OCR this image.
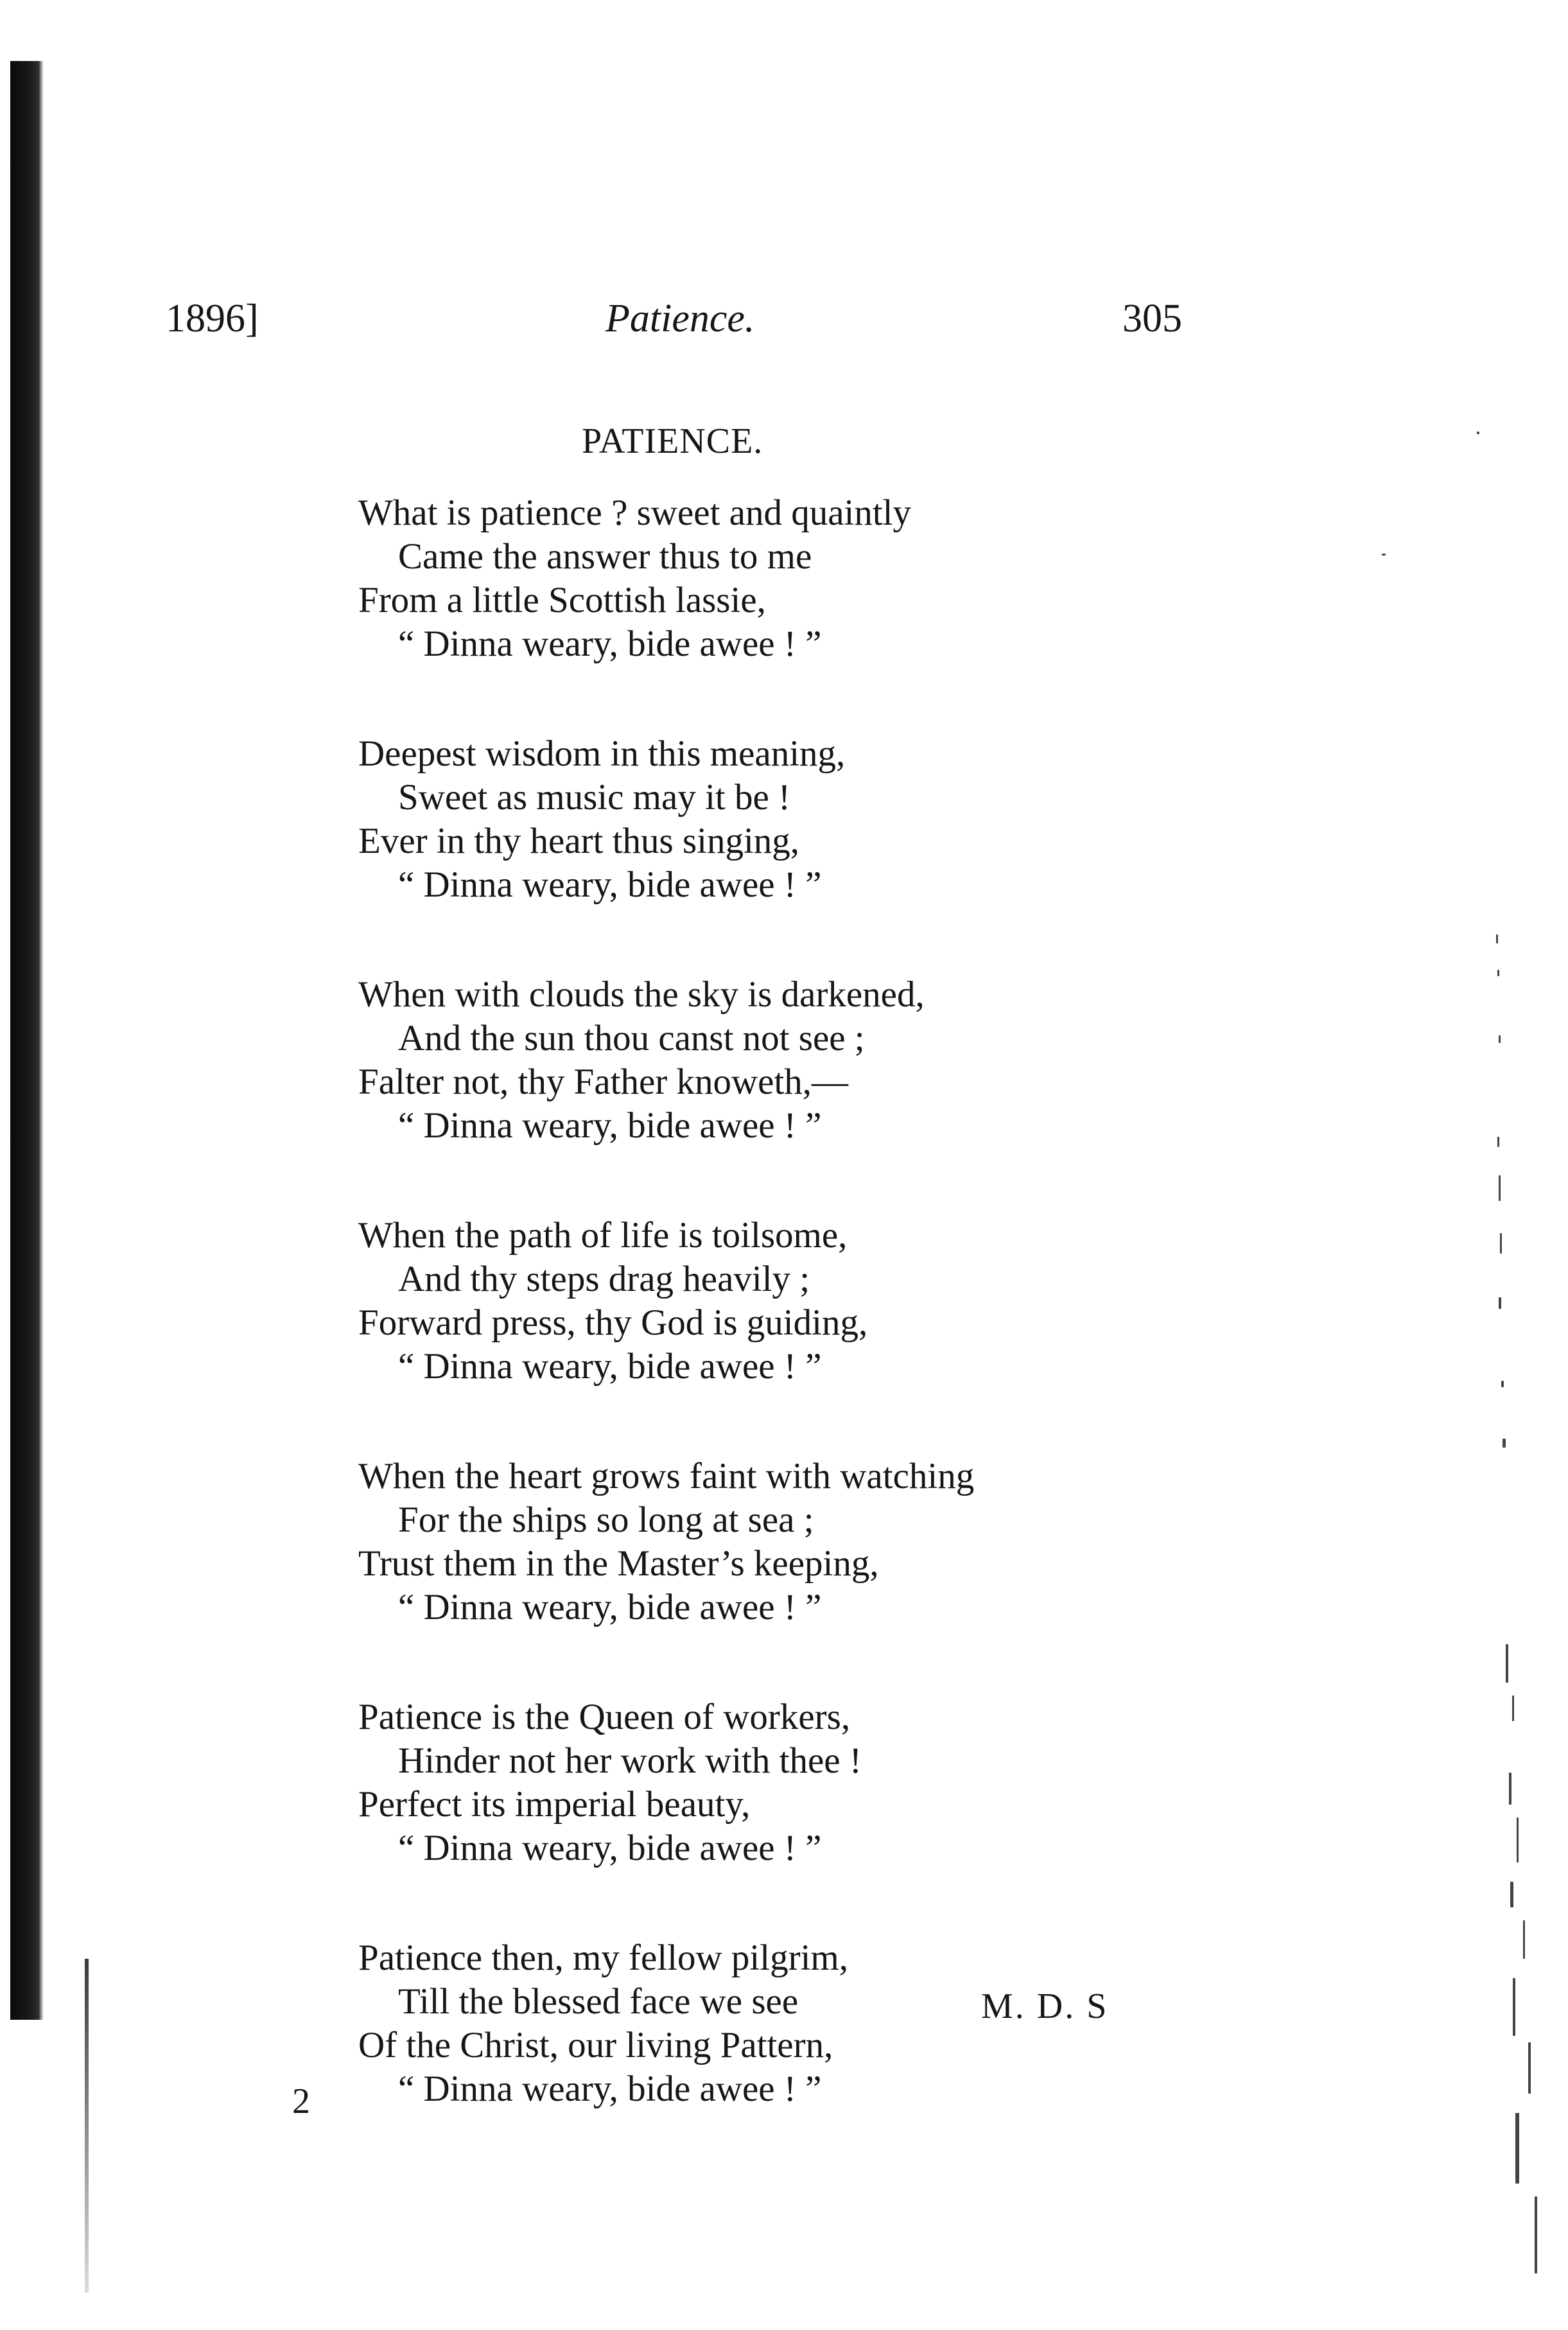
1896]	Patience.	305
PATIENCE.
What is patience ? sweet and quaintly
Came the answer thus to me
From a little Scottish lassie,
“ Dinna weary, bide awee ! ”
Deepest wisdom in this meaning,
Sweet as music may it be !
Ever in thy heart thus singing,
“ Dinna weary, bide awee ! ”
When with clouds the sky is darkened,
And the sun thou canst not see ;
Falter not, thy Father knoweth,—
“ Dinna weary, bide awee ! ”
When the path of life is toilsome,
And thy steps drag heavily ;
Forward press, thy God is guiding,
“ Dinna weary, bide awee ! ”
When the heart grows faint with watching
For the ships so long at sea ;
Trust them in the Master’s keeping,
“ Dinna weary, bide awee ! ”
Patience is the Queen of workers,
Hinder not her work with thee !
Perfect its imperial beauty,
“ Dinna weary, bide awee ! ”
Patience then, my fellow pilgrim,
Till the blessed face we see
Of the Christ, our living Pattern,
“ Dinna weary, bide awee ! ”
M. D. S
2
